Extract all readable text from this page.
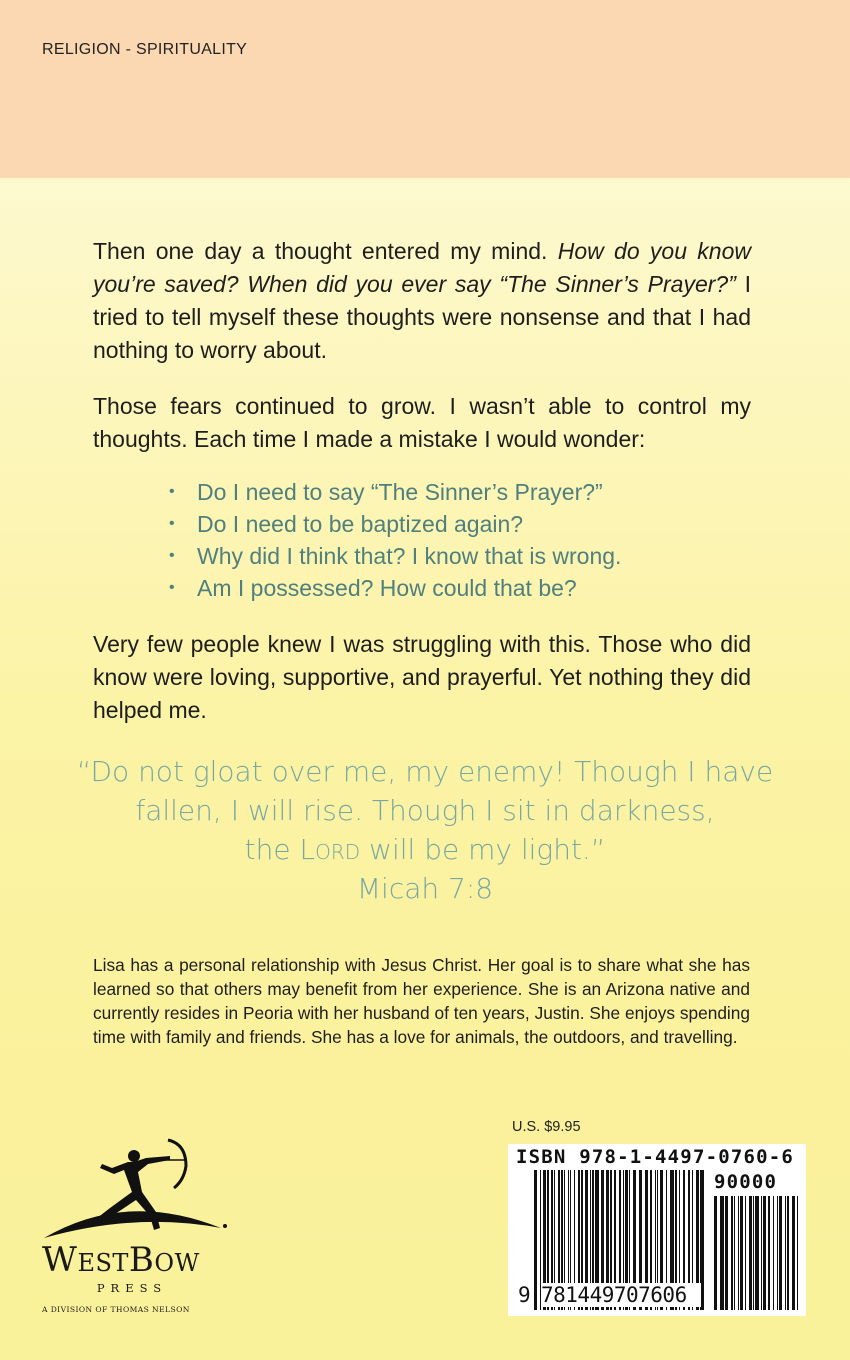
RELIGION - SPIRITUALITY

Then one day a thought entered my mind. How do you know you’re saved? When did you ever say “The Sinner’s Prayer?” I tried to tell myself these thoughts were nonsense and that I had nothing to worry about.

Those fears continued to grow. I wasn’t able to control my thoughts. Each time I made a mistake I would wonder:

• Do I need to say “The Sinner’s Prayer?”
• Do I need to be baptized again?
• Why did I think that? I know that is wrong.
• Am I possessed? How could that be?

Very few people knew I was struggling with this. Those who did know were loving, supportive, and prayerful. Yet nothing they did helped me.

“Do not gloat over me, my enemy! Though I have
fallen, I will rise. Though I sit in darkness,
the Lord will be my light.”
Micah 7:8

Lisa has a personal relationship with Jesus Christ. Her goal is to share what she has learned so that others may benefit from her experience. She is an Arizona native and currently resides in Peoria with her husband of ten years, Justin. She enjoys spending time with family and friends. She has a love for animals, the outdoors, and travelling.

WestBow
PRESS
A DIVISION OF THOMAS NELSON
U.S. $9.95
ISBN 978-1-4497-0760-6
90000
9 781449707606
